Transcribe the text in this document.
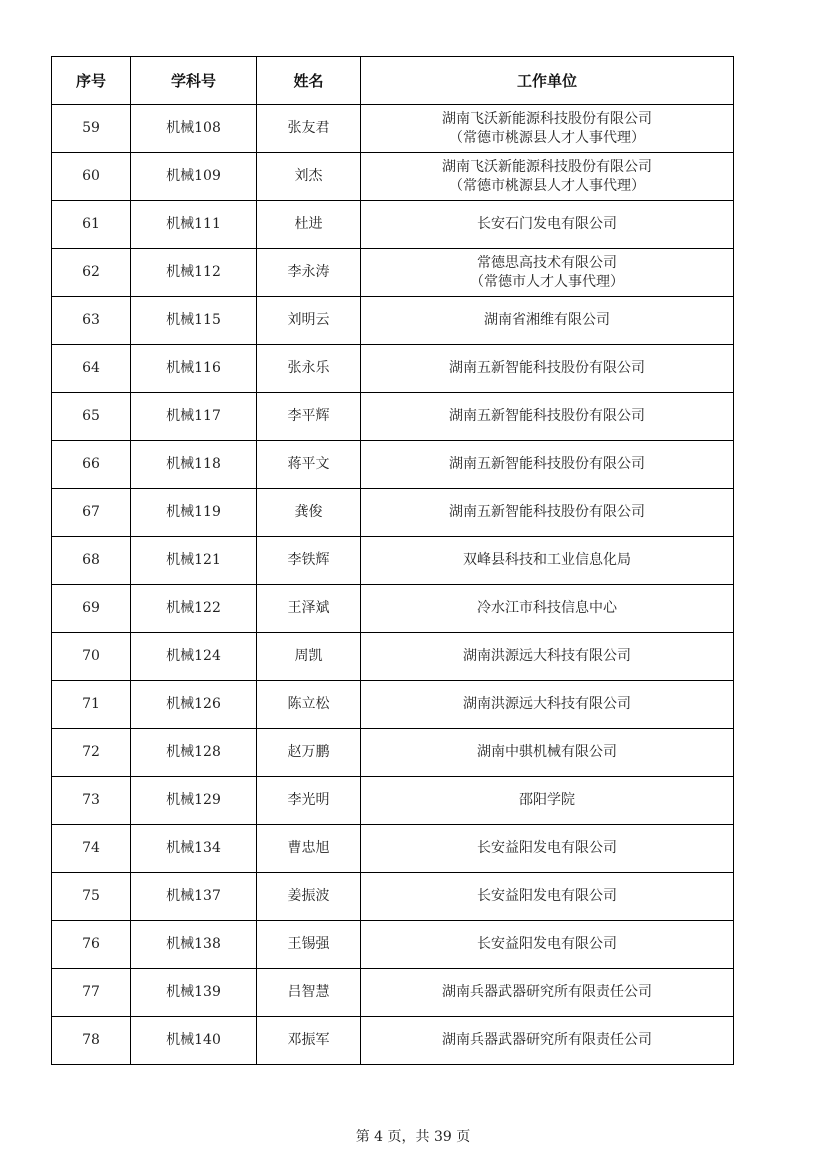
序号	学科号	姓名	工作单位
59	机械108	张友君	湖南飞沃新能源科技股份有限公司
（常德市桃源县人才人事代理）

60	机械109	刘杰	湖南飞沃新能源科技股份有限公司
（常德市桃源县人才人事代理）

61	机械111	杜进	长安石门发电有限公司

62	机械112	李永涛	常德思高技术有限公司
（常德市人才人事代理）

63	机械115	刘明云	湖南省湘维有限公司

64	机械116	张永乐	湖南五新智能科技股份有限公司

65	机械117	李平辉	湖南五新智能科技股份有限公司

66	机械118	蒋平文	湖南五新智能科技股份有限公司

67	机械119	龚俊	湖南五新智能科技股份有限公司

68	机械121	李铁辉	双峰县科技和工业信息化局

69	机械122	王泽斌	冷水江市科技信息中心

70	机械124	周凯	湖南洪源远大科技有限公司

71	机械126	陈立松	湖南洪源远大科技有限公司

72	机械128	赵万鹏	湖南中骐机械有限公司

73	机械129	李光明	邵阳学院

74	机械134	曹忠旭	长安益阳发电有限公司

75	机械137	姜振波	长安益阳发电有限公司

76	机械138	王锡强	长安益阳发电有限公司

77	机械139	吕智慧	湖南兵器武器研究所有限责任公司

78	机械140	邓振军	湖南兵器武器研究所有限责任公司
第 4 页，共 39 页
